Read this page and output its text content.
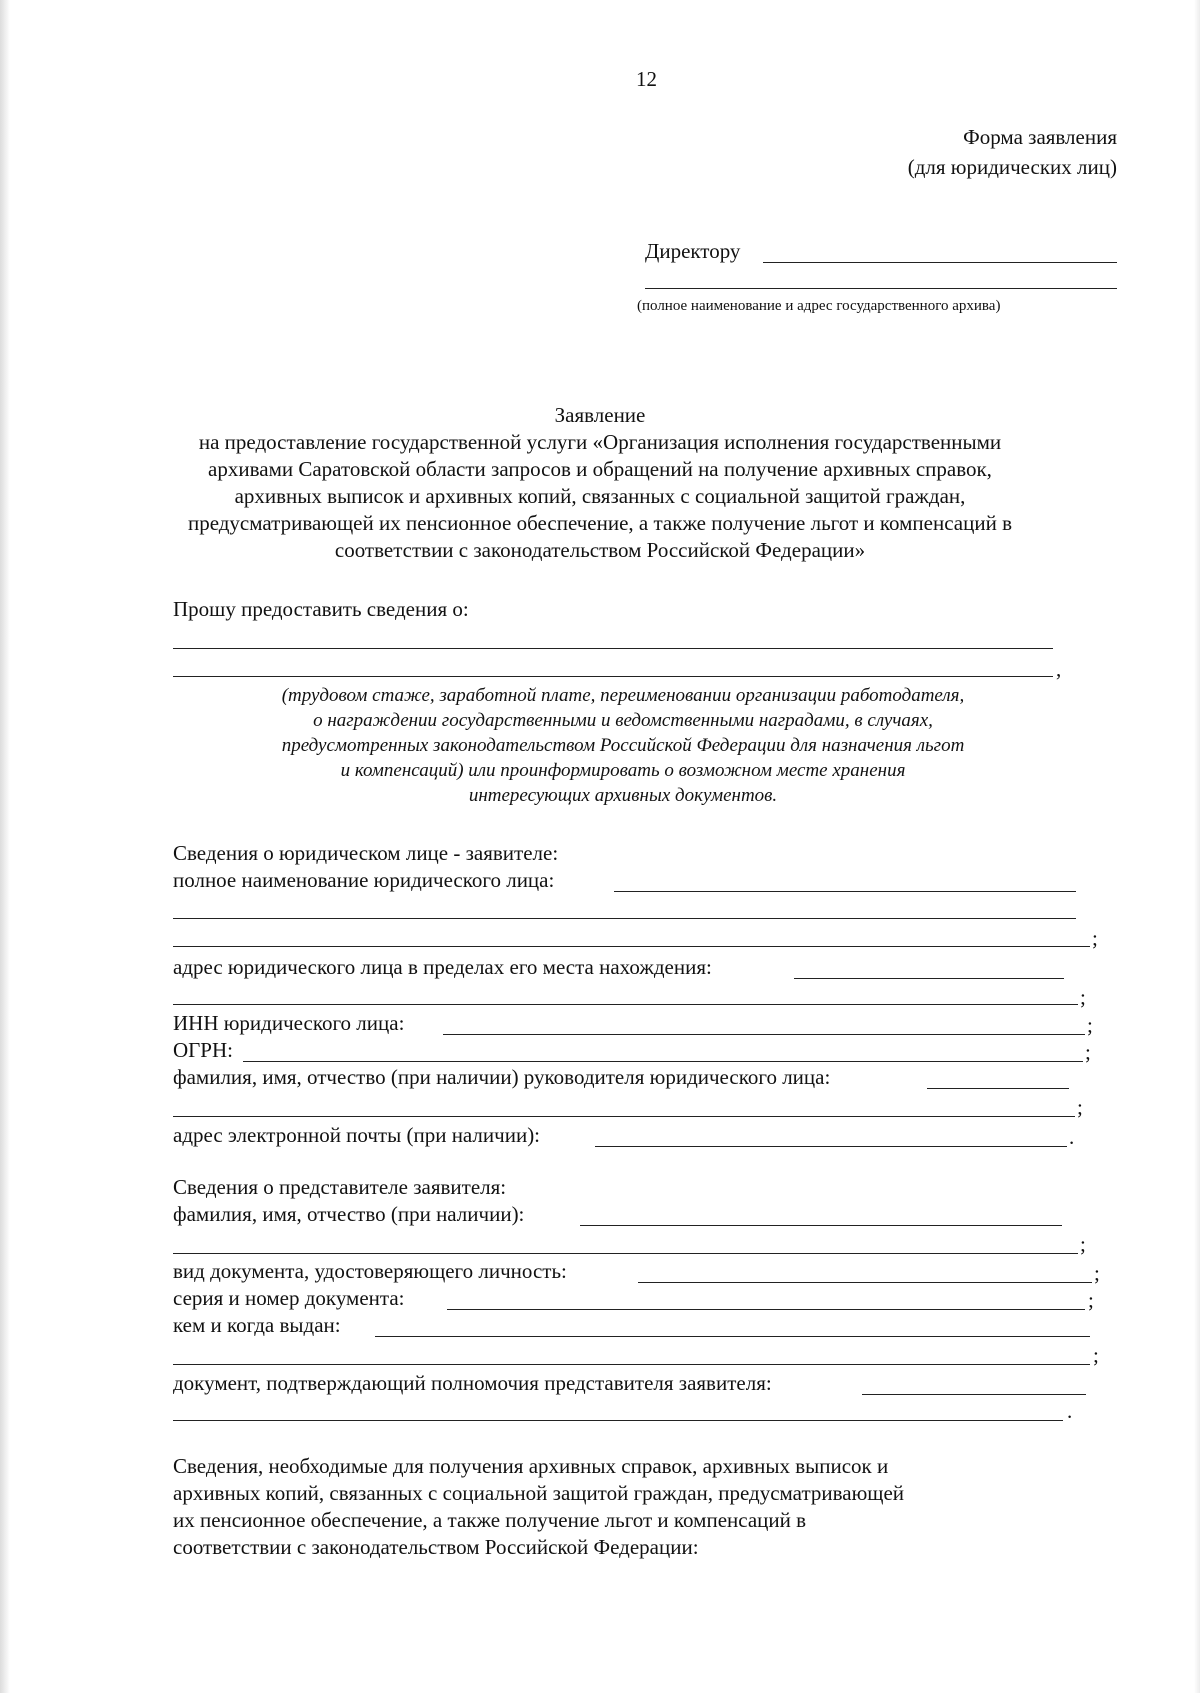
12
Форма заявления
(для юридических лиц)
Директору
(полное наименование и адрес государственного архива)
Заявление
на предоставление государственной услуги «Организация исполнения государственными
архивами Саратовской области запросов и обращений на получение архивных справок,
архивных выписок и архивных копий, связанных с социальной защитой граждан,
предусматривающей их пенсионное обеспечение, а также получение льгот и компенсаций в
соответствии с законодательством Российской Федерации»
Прошу предоставить сведения о:
,
(трудовом стаже, заработной плате, переименовании организации работодателя,
о награждении государственными и ведомственными наградами, в случаях,
предусмотренных законодательством Российской Федерации для назначения льгот
и компенсаций) или проинформировать о возможном месте хранения
интересующих архивных документов.
Сведения о юридическом лице - заявителе:
полное наименование юридического лица:
;
адрес юридического лица в пределах его места нахождения:
;
ИНН юридического лица:	;
ОГРН:	;
фамилия, имя, отчество (при наличии) руководителя юридического лица:
;
адрес электронной почты (при наличии):	.
Сведения о представителе заявителя:
фамилия, имя, отчество (при наличии):
;
вид документа, удостоверяющего личность:	;
серия и номер документа:	;
кем и когда выдан:
;
документ, подтверждающий полномочия представителя заявителя:
.
Сведения, необходимые для получения архивных справок, архивных выписок и
архивных копий, связанных с социальной защитой граждан, предусматривающей
их пенсионное обеспечение, а также получение льгот и компенсаций в
соответствии с законодательством Российской Федерации:
